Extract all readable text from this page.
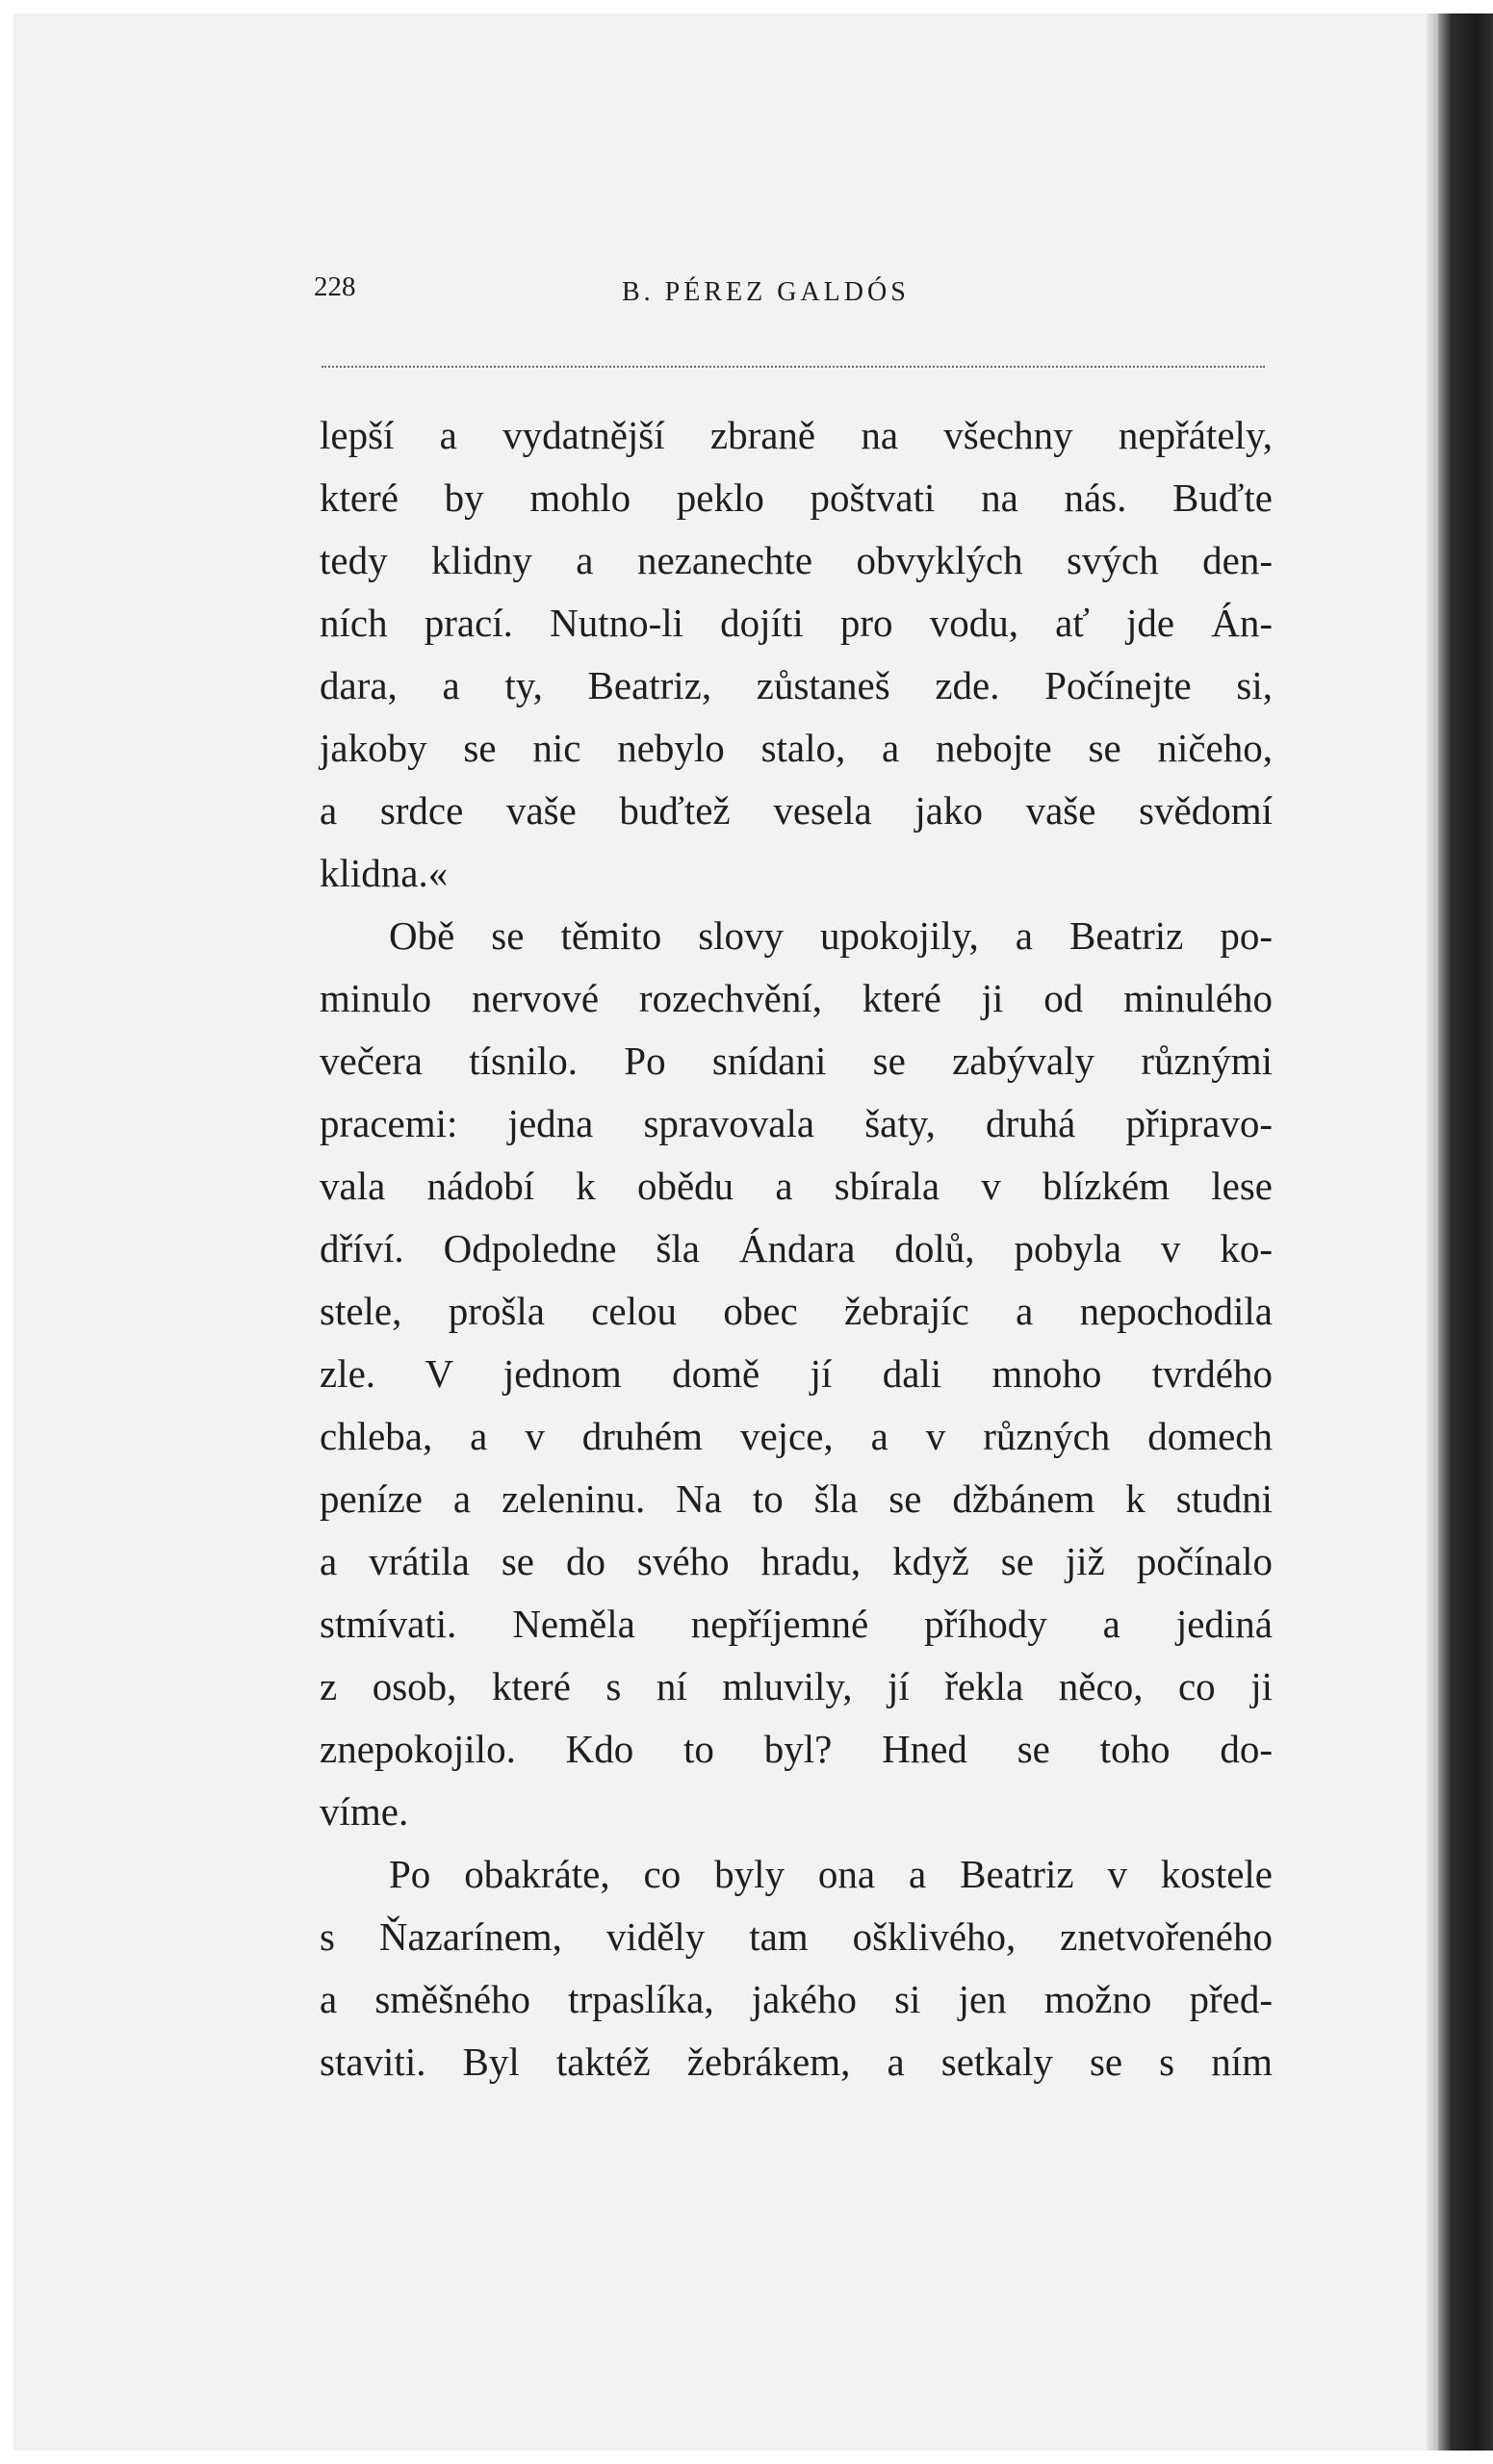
228	B. PÉREZ GALDÓS

lepší a vydatnější zbraně na všechny nepřátely,
které by mohlo peklo poštvati na nás. Buďte
tedy klidny a nezanechte obvyklých svých den-
ních prací. Nutno-li dojíti pro vodu, ať jde Án-
dara, a ty, Beatriz, zůstaneš zde. Počínejte si,
jakoby se nic nebylo stalo, a nebojte se ničeho,
a srdce vaše buďtež vesela jako vaše svědomí
klidna.«

Obě se těmito slovy upokojily, a Beatriz po-
minulo nervové rozechvění, které ji od minulého
večera tísnilo. Po snídani se zabývaly různými
pracemi: jedna spravovala šaty, druhá připravo-
vala nádobí k obědu a sbírala v blízkém lese
dříví. Odpoledne šla Ándara dolů, pobyla v ko-
stele, prošla celou obec žebrajíc a nepochodila
zle. V jednom domě jí dali mnoho tvrdého
chleba, a v druhém vejce, a v různých domech
peníze a zeleninu. Na to šla se džbánem k studni
a vrátila se do svého hradu, když se již počínalo
stmívati. Neměla nepříjemné příhody a jediná
z osob, které s ní mluvily, jí řekla něco, co ji
znepokojilo. Kdo to byl? Hned se toho do-
víme.

Po obakráte, co byly ona a Beatriz v kostele
s Ňazarínem, viděly tam ošklivého, znetvořeného
a směšného trpaslíka, jakého si jen možno před-
staviti. Byl taktéž žebrákem, a setkaly se s ním
